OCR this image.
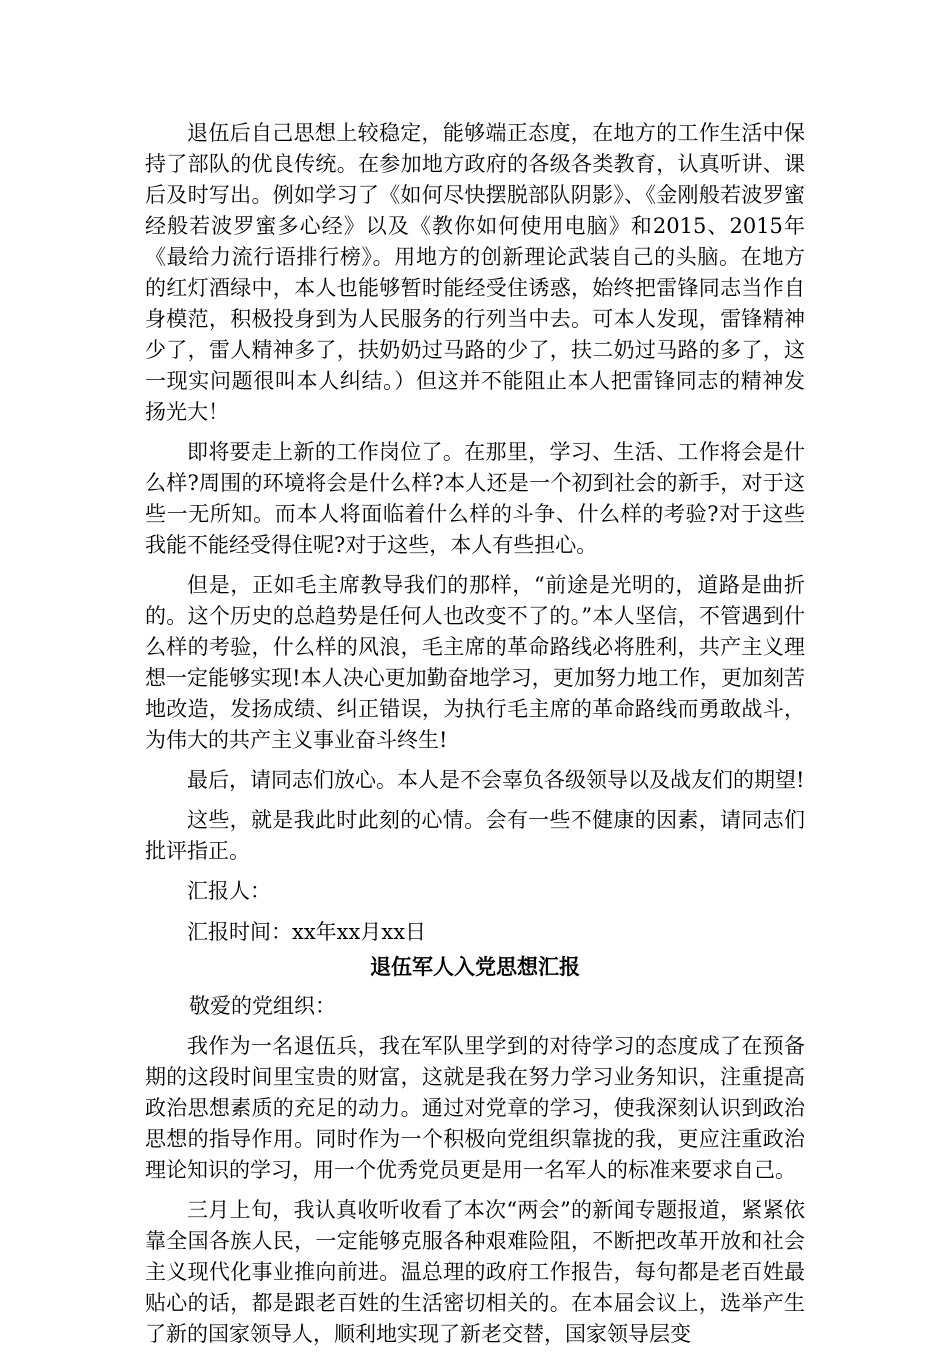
退伍后自己思想上较稳定，能够端正态度，在地方的工作生活中保持了部队的优良传统。在参加地方政府的各级各类教育，认真听讲、课后及时写出。例如学习了《如何尽快摆脱部队阴影》、《金刚般若波罗蜜经般若波罗蜜多心经》以及《教你如何使用电脑》和2015、2015年《最给力流行语排行榜》。用地方的创新理论武装自己的头脑。在地方的红灯酒绿中，本人也能够暂时能经受住诱惑，始终把雷锋同志当作自身模范，积极投身到为人民服务的行列当中去。可本人发现，雷锋精神少了，雷人精神多了，扶奶奶过马路的少了，扶二奶过马路的多了，这一现实问题很叫本人纠结。）但这并不能阻止本人把雷锋同志的精神发扬光大！

即将要走上新的工作岗位了。在那里，学习、生活、工作将会是什么样?周围的环境将会是什么样?本人还是一个初到社会的新手，对于这些一无所知。而本人将面临着什么样的斗争、什么样的考验?对于这些我能不能经受得住呢?对于这些，本人有些担心。

但是，正如毛主席教导我们的那样，“前途是光明的，道路是曲折的。这个历史的总趋势是任何人也改变不了的。”本人坚信，不管遇到什么样的考验，什么样的风浪，毛主席的革命路线必将胜利，共产主义理想一定能够实现!本人决心更加勤奋地学习，更加努力地工作，更加刻苦地改造，发扬成绩、纠正错误，为执行毛主席的革命路线而勇敢战斗，为伟大的共产主义事业奋斗终生!

最后，请同志们放心。本人是不会辜负各级领导以及战友们的期望!

这些，就是我此时此刻的心情。会有一些不健康的因素，请同志们批评指正。

汇报人：

汇报时间：xx年xx月xx日

退伍军人入党思想汇报

敬爱的党组织：

我作为一名退伍兵，我在军队里学到的对待学习的态度成了在预备期的这段时间里宝贵的财富，这就是我在努力学习业务知识，注重提高政治思想素质的充足的动力。通过对党章的学习，使我深刻认识到政治思想的指导作用。同时作为一个积极向党组织靠拢的我，更应注重政治理论知识的学习，用一个优秀党员更是用一名军人的标准来要求自己。

三月上旬，我认真收听收看了本次“两会”的新闻专题报道，紧紧依靠全国各族人民，一定能够克服各种艰难险阻，不断把改革开放和社会主义现代化事业推向前进。温总理的政府工作报告，每句都是老百姓最贴心的话，都是跟老百姓的生活密切相关的。在本届会议上，选举产生了新的国家领导人，顺利地实现了新老交替，国家领导层变
